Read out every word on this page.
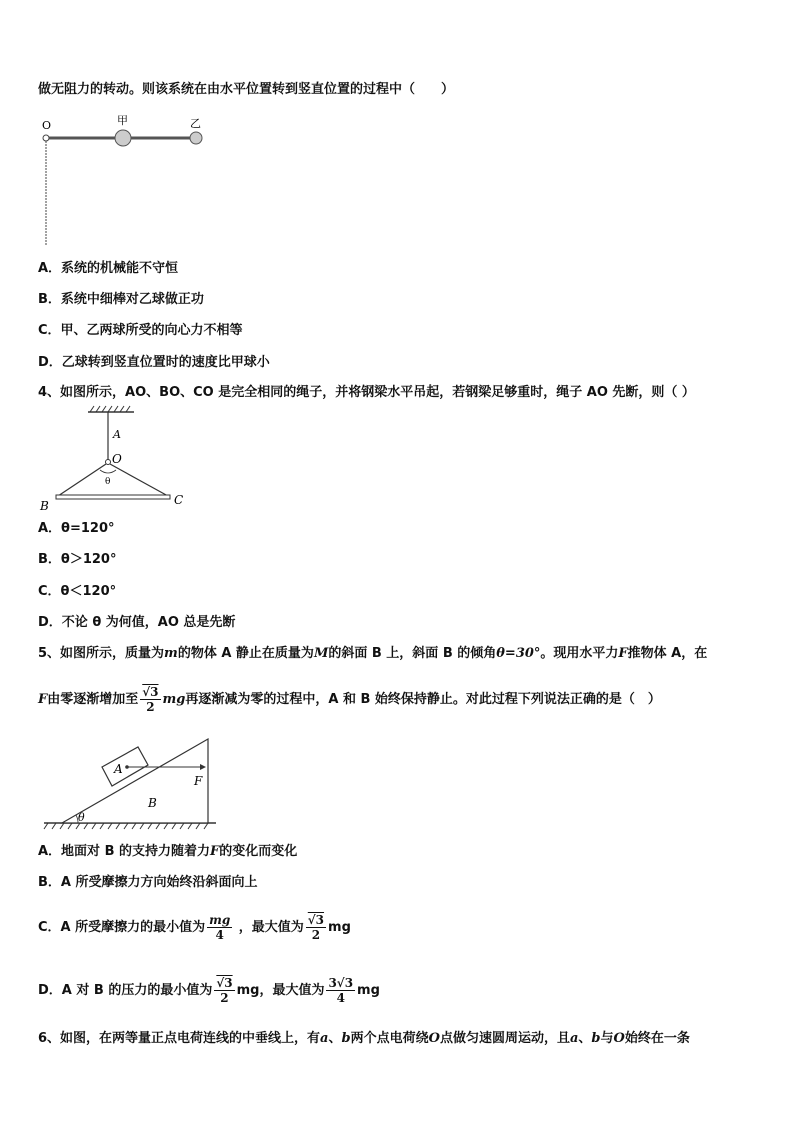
做无阻力的转动。则该系统在由水平位置转到竖直位置的过程中（　　）
O	甲	乙
A．系统的机械能不守恒
B．系统中细棒对乙球做正功
C．甲、乙两球所受的向心力不相等
D．乙球转到竖直位置时的速度比甲球小
4、如图所示，AO、BO、CO 是完全相同的绳子，并将钢梁水平吊起，若钢梁足够重时，绳子 AO 先断，则（ ）
A
O
θ
B	C
A．θ=120°
B．θ＞120°
C．θ＜120°
D．不论 θ 为何值，AO 总是先断
5、如图所示，质量为m的物体 A 静止在质量为M的斜面 B 上，斜面 B 的倾角θ=30°。现用水平力F推物体 A，在
F由零逐渐增加至 $\frac{√3}{2}$ mg再逐渐减为零的过程中，A 和 B 始终保持静止。对此过程下列说法正确的是（　）
A
B
F
θ
A．地面对 B 的支持力随着力F的变化而变化
B．A 所受摩擦力方向始终沿斜面向上
C．A 所受摩擦力的最小值为 $\frac{mg}{4}$ ，最大值为 $\frac{√3}{2}$ mg
D．A 对 B 的压力的最小值为 $\frac{√3}{2}$ mg，最大值为 $\frac{3√3}{4}$ mg
6、如图，在两等量正点电荷连线的中垂线上，有a、b两个点电荷绕O点做匀速圆周运动，且a、b与O始终在一条
